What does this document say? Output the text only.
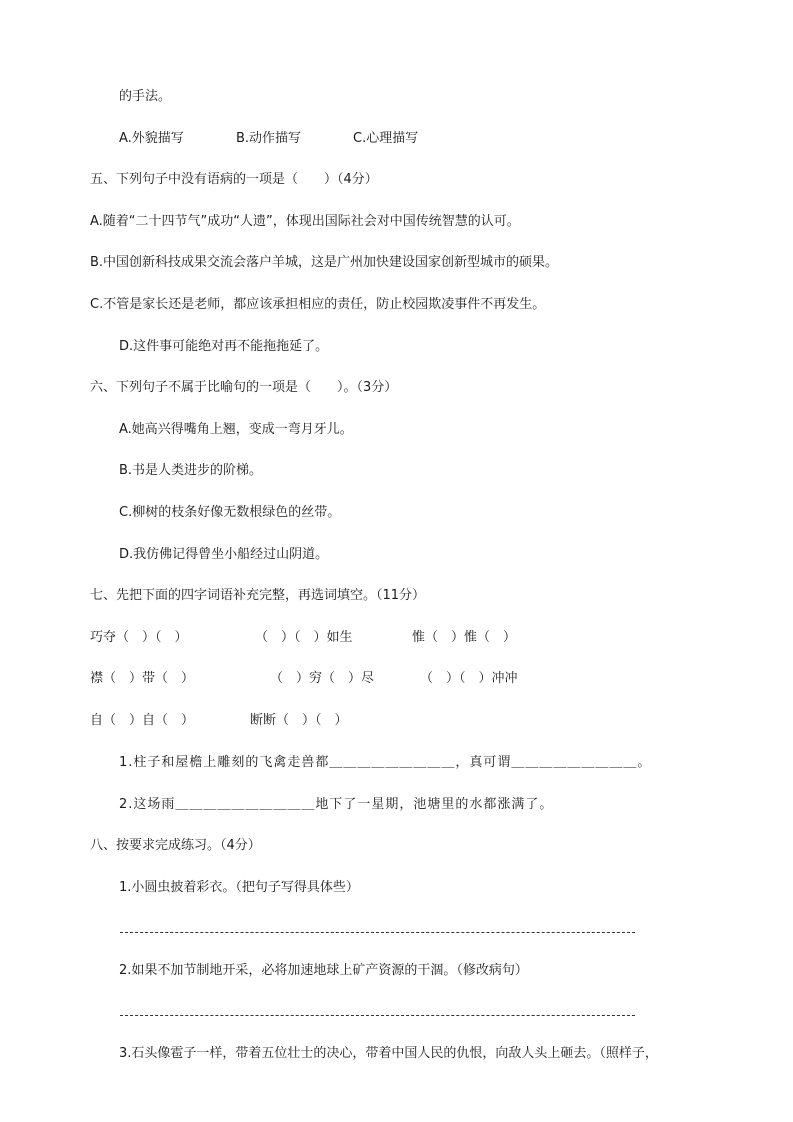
的手法。
A.外貌描写	B.动作描写	C.心理描写
五、下列句子中没有语病的一项是（　　）（4分）
A.随着“二十四节气”成功“人遗”，体现出国际社会对中国传统智慧的认可。
B.中国创新科技成果交流会落户羊城，这是广州加快建设国家创新型城市的硕果。
C.不管是家长还是老师，都应该承担相应的责任，防止校园欺凌事件不再发生。
D.这件事可能绝对再不能拖拖延了。
六、下列句子不属于比喻句的一项是（　　）。（3分）
A.她高兴得嘴角上翘，变成一弯月牙儿。
B.书是人类进步的阶梯。
C.柳树的枝条好像无数根绿色的丝带。
D.我仿佛记得曾坐小船经过山阴道。
七、先把下面的四字词语补充完整，再选词填空。（11分）
巧夺（　）（　）	（　）（　）如生	惟（　）惟（　）
襟（　）带（　）	（　）穷（　）尽	（　）（　）冲冲
自（　）自（　）	断断（　）（　）
1.柱子和屋檐上雕刻的飞禽走兽都＿＿＿＿＿＿＿＿＿，真可谓＿＿＿＿＿＿＿＿＿。
2.这场雨＿＿＿＿＿＿＿＿＿＿地下了一星期，池塘里的水都涨满了。
八、按要求完成练习。（4分）
1.小圆虫披着彩衣。（把句子写得具体些）
2.如果不加节制地开采，必将加速地球上矿产资源的干涸。（修改病句）
3.石头像雹子一样，带着五位壮士的决心，带着中国人民的仇恨，向敌人头上砸去。（照样子，
